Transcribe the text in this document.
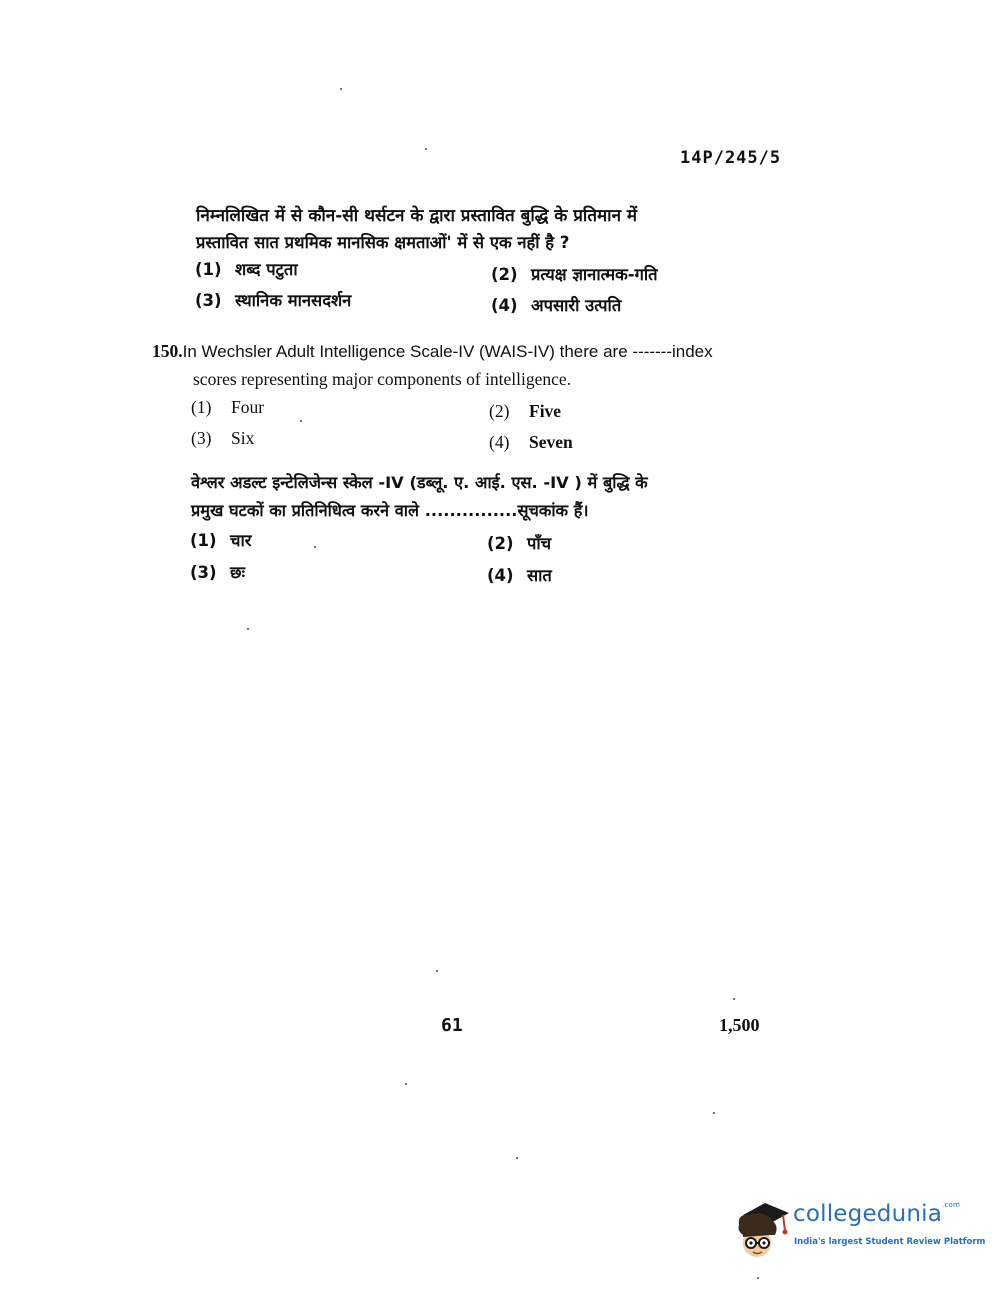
14P/245/5
निम्नलिखित में से कौन-सी थर्सटन के द्वारा प्रस्तावित बुद्धि के प्रतिमान में
प्रस्तावित सात प्रथमिक मानसिक क्षमताओं' में से एक नहीं है ?
(1) शब्द पटुता	(2) प्रत्यक्ष ज्ञानात्मक-गति
(3) स्थानिक मानसदर्शन	(4) अपसारी उत्पति
150.In Wechsler Adult Intelligence Scale-IV (WAIS-IV) there are -------index
scores representing major components of intelligence.
(1) Four	(2) Five
(3) Six	(4) Seven
वेश्लर अडल्ट इन्टेलिजेन्स स्केल -IV (डब्लू. ए. आई. एस. -IV ) में बुद्धि के
प्रमुख घटकों का प्रतिनिधित्व करने वाले ...............सूचकांक हैं।
(1) चार	(2) पाँच
(3) छः	(4) सात
61	1,500
collegedunia$^{.com}$
India's largest Student Review Platform
